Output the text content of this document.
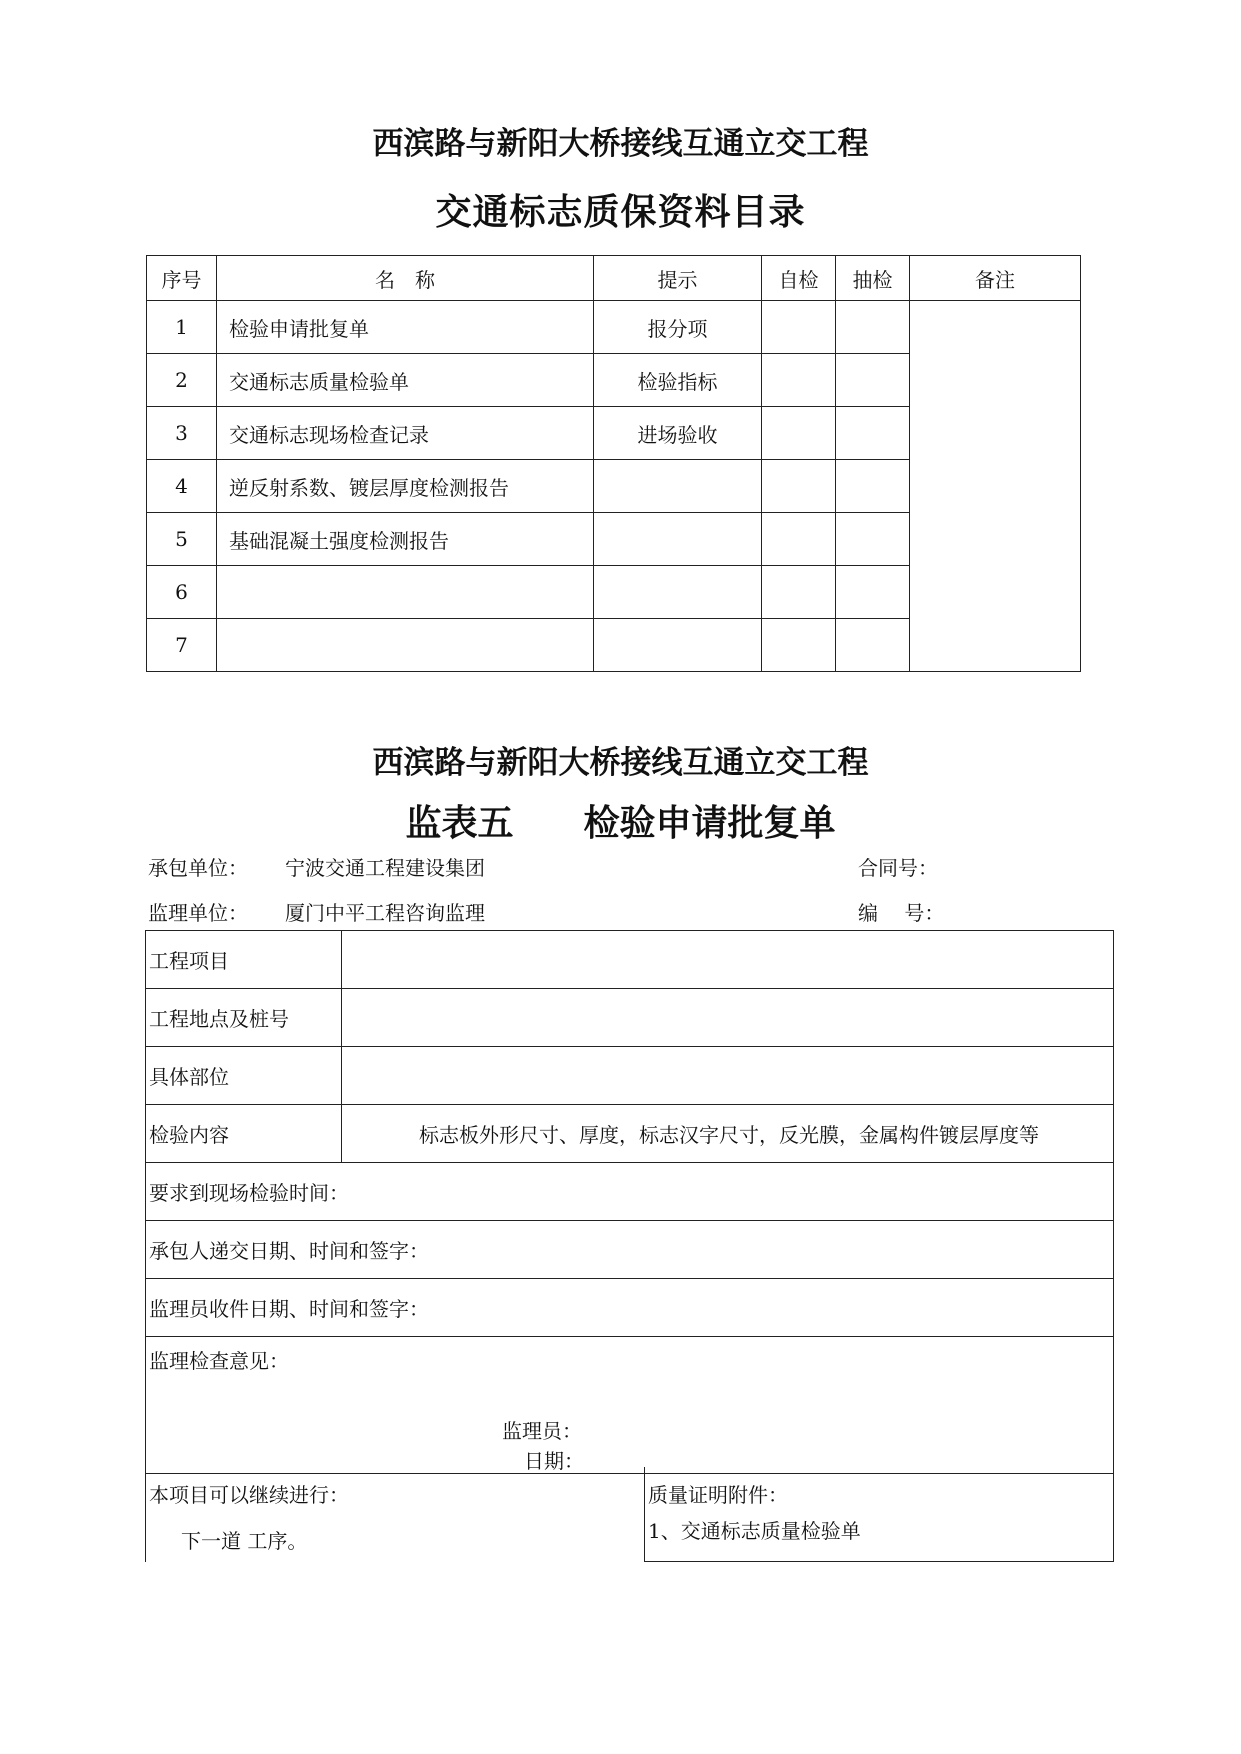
西滨路与新阳大桥接线互通立交工程
交通标志质保资料目录
序号	名　称	提示	自检	抽检	备注
1	检验申请批复单	报分项			
2	交通标志质量检验单	检验指标			
3	交通标志现场检查记录	进场验收			
4	逆反射系数、镀层厚度检测报告				
5	基础混凝土强度检测报告				
6					
7					
西滨路与新阳大桥接线互通立交工程
监表五 检验申请批复单
承包单位： 宁波交通工程建设集团	合同号：
监理单位： 厦门中平工程咨询监理	编　 号：
工程项目	
工程地点及桩号	
具体部位	
检验内容	标志板外形尺寸、厚度，标志汉字尺寸，反光膜，金属构件镀层厚度等
要求到现场检验时间：	
承包人递交日期、时间和签字：	
监理员收件日期、时间和签字：	
监理检查意见：
监理员：
日期：	
本项目可以继续进行：
下一道 工序。
质量证明附件：
1、交通标志质量检验单
